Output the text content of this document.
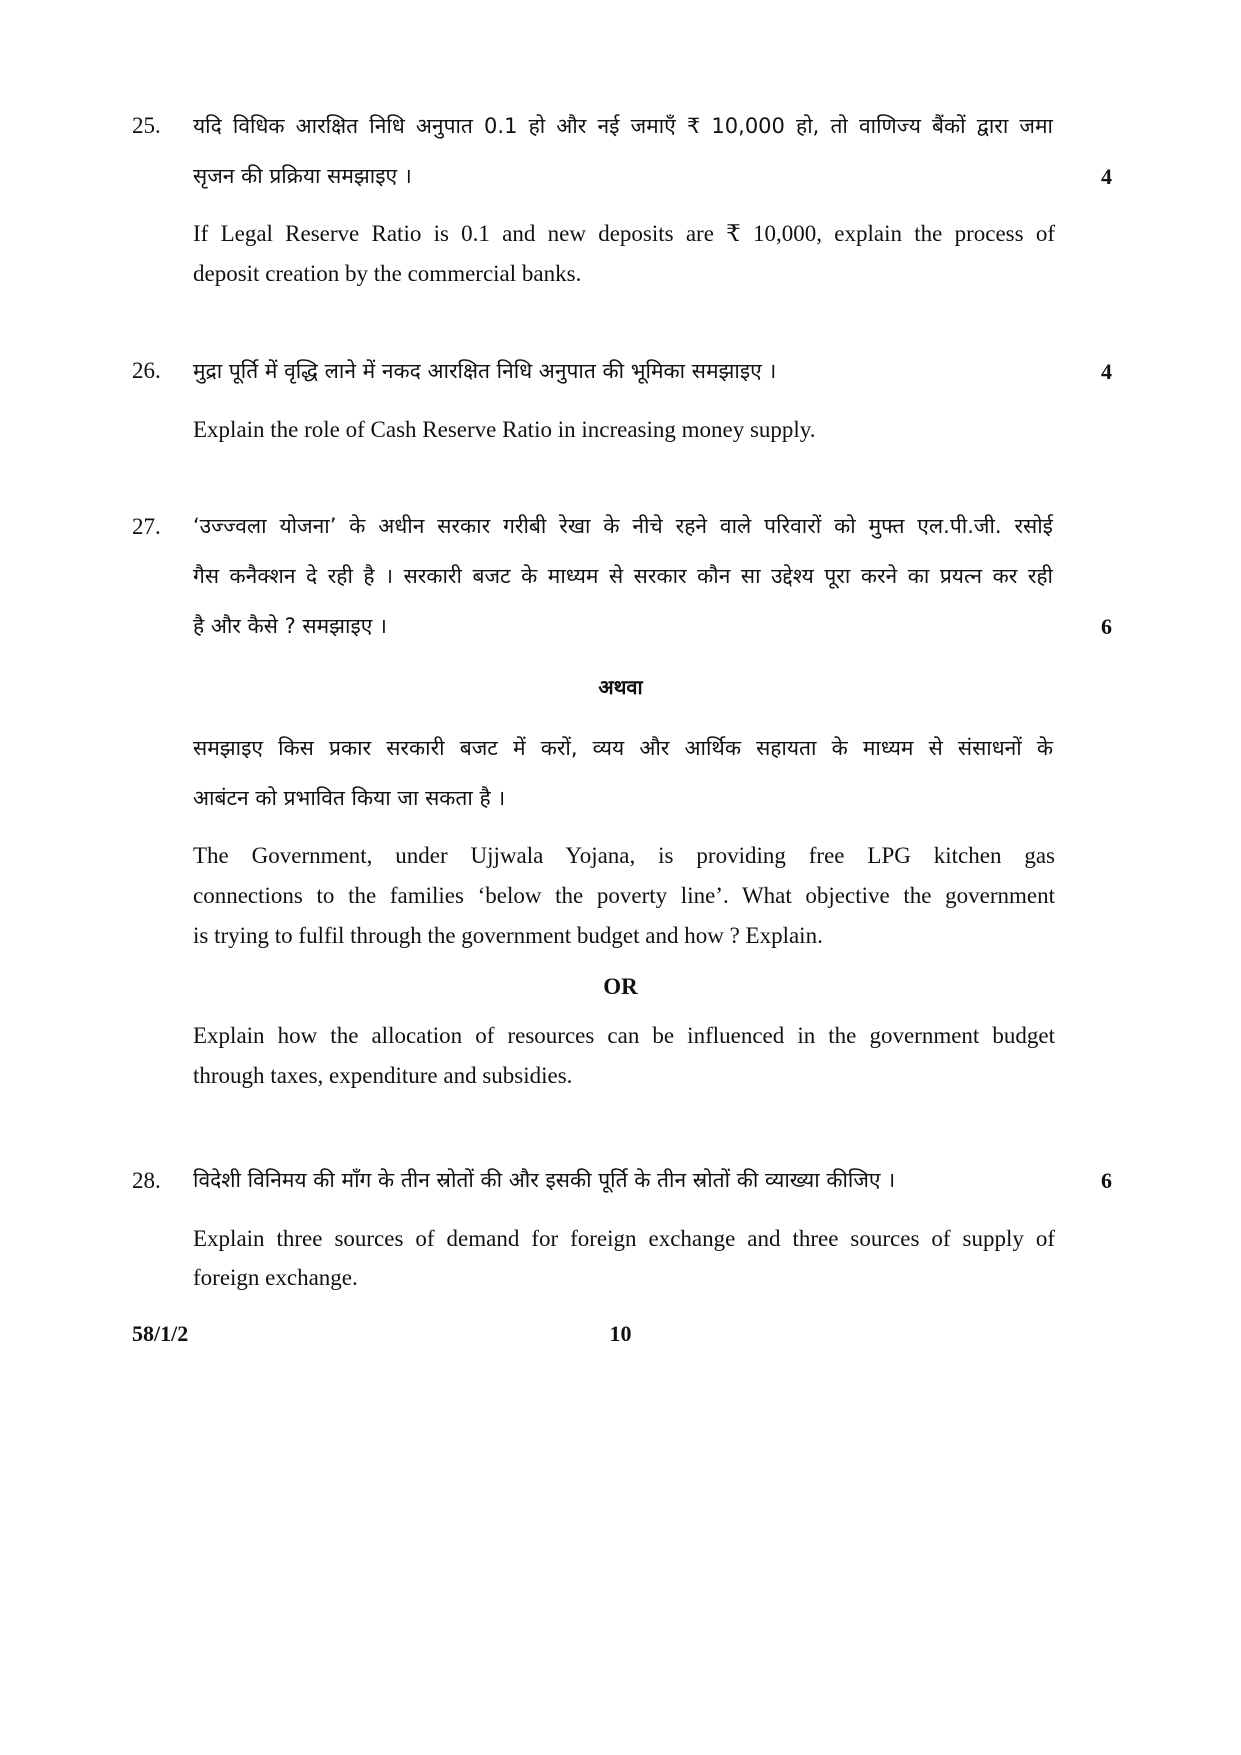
25.	यदि विधिक आरक्षित निधि अनुपात 0.1 हो और नई जमाएँ ₹ 10,000 हो, तो वाणिज्य बैंकों द्वारा जमा
सृजन की प्रक्रिया समझाइए ।	4
If Legal Reserve Ratio is 0.1 and new deposits are ₹ 10,000, explain the process of
deposit creation by the commercial banks.
26.	मुद्रा पूर्ति में वृद्धि लाने में नकद आरक्षित निधि अनुपात की भूमिका समझाइए ।	4
Explain the role of Cash Reserve Ratio in increasing money supply.
27.	‘उज्ज्वला योजना’ के अधीन सरकार गरीबी रेखा के नीचे रहने वाले परिवारों को मुफ्त एल.पी.जी. रसोई
गैस कनैक्शन दे रही है । सरकारी बजट के माध्यम से सरकार कौन सा उद्देश्य पूरा करने का प्रयत्न कर रही
है और कैसे ? समझाइए ।	6
अथवा
समझाइए किस प्रकार सरकारी बजट में करों, व्यय और आर्थिक सहायता के माध्यम से संसाधनों के
आबंटन को प्रभावित किया जा सकता है ।
The Government, under Ujjwala Yojana, is providing free LPG kitchen gas
connections to the families ‘below the poverty line’. What objective the government
is trying to fulfil through the government budget and how ? Explain.
OR
Explain how the allocation of resources can be influenced in the government budget
through taxes, expenditure and subsidies.
28.	विदेशी विनिमय की माँग के तीन स्रोतों की और इसकी पूर्ति के तीन स्रोतों की व्याख्या कीजिए ।	6
Explain three sources of demand for foreign exchange and three sources of supply of
foreign exchange.
58/1/2	10
